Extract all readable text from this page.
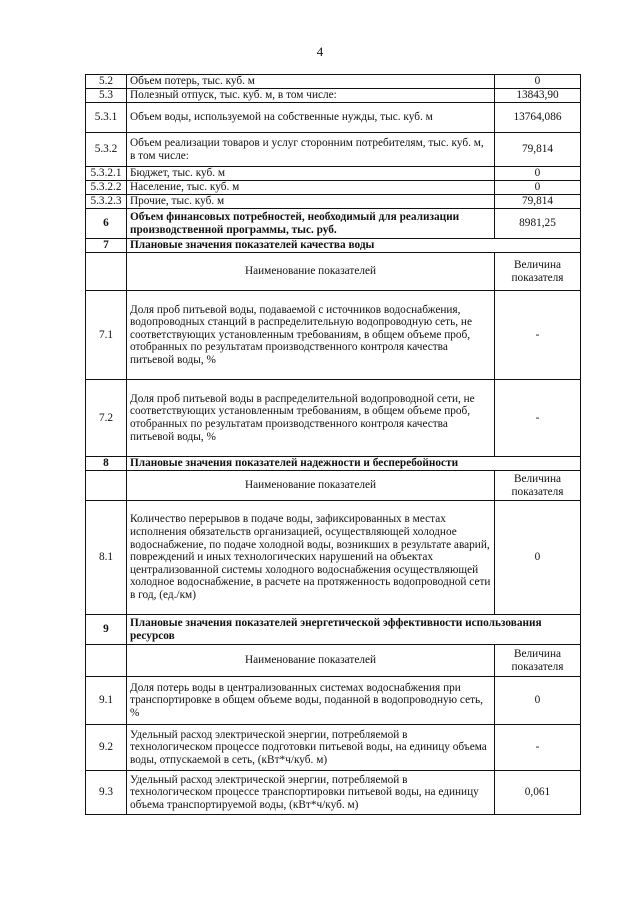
4
5.2	Объем потерь, тыс. куб. м	0
5.3	Полезный отпуск, тыс. куб. м, в том числе:	13843,90
5.3.1	Объем воды, используемой на собственные нужды, тыс. куб. м	13764,086
5.3.2	Объем реализации товаров и услуг сторонним потребителям, тыс. куб. м, в том числе:	79,814
5.3.2.1	Бюджет, тыс. куб. м	0
5.3.2.2	Население, тыс. куб. м	0
5.3.2.3	Прочие, тыс. куб. м	79,814
6	Объем финансовых потребностей, необходимый для реализации производственной программы, тыс. руб.	8981,25
7	Плановые значения показателей качества воды	
	Наименование показателей	Величина показателя
7.1	Доля проб питьевой воды, подаваемой с источников водоснабжения, водопроводных станций в распределительную водопроводную сеть, не соответствующих установленным требованиям, в общем объеме проб, отобранных по результатам производственного контроля качества питьевой воды, %	-
7.2	Доля проб питьевой воды в распределительной водопроводной сети, не соответствующих установленным требованиям, в общем объеме проб, отобранных по результатам производственного контроля качества питьевой воды, %	-
8	Плановые значения показателей надежности и бесперебойности	
	Наименование показателей	Величина показателя
8.1	Количество перерывов в подаче воды, зафиксированных в местах исполнения обязательств организацией, осуществляющей холодное водоснабжение, по подаче холодной воды, возникших в результате аварий, повреждений и иных технологических нарушений на объектах централизованной системы холодного водоснабжения осуществляющей холодное водоснабжение, в расчете на протяженность водопроводной сети в год, (ед./км)	0
9	Плановые значения показателей энергетической эффективности использования ресурсов	
	Наименование показателей	Величина показателя
9.1	Доля потерь воды в централизованных системах водоснабжения при транспортировке в общем объеме воды, поданной в водопроводную сеть, %	0
9.2	Удельный расход электрической энергии, потребляемой в технологическом процессе подготовки питьевой воды, на единицу объема воды, отпускаемой в сеть, (кВт*ч/куб. м)	-
9.3	Удельный расход электрической энергии, потребляемой в технологическом процессе транспортировки питьевой воды, на единицу объема транспортируемой воды, (кВт*ч/куб. м)	0,061
